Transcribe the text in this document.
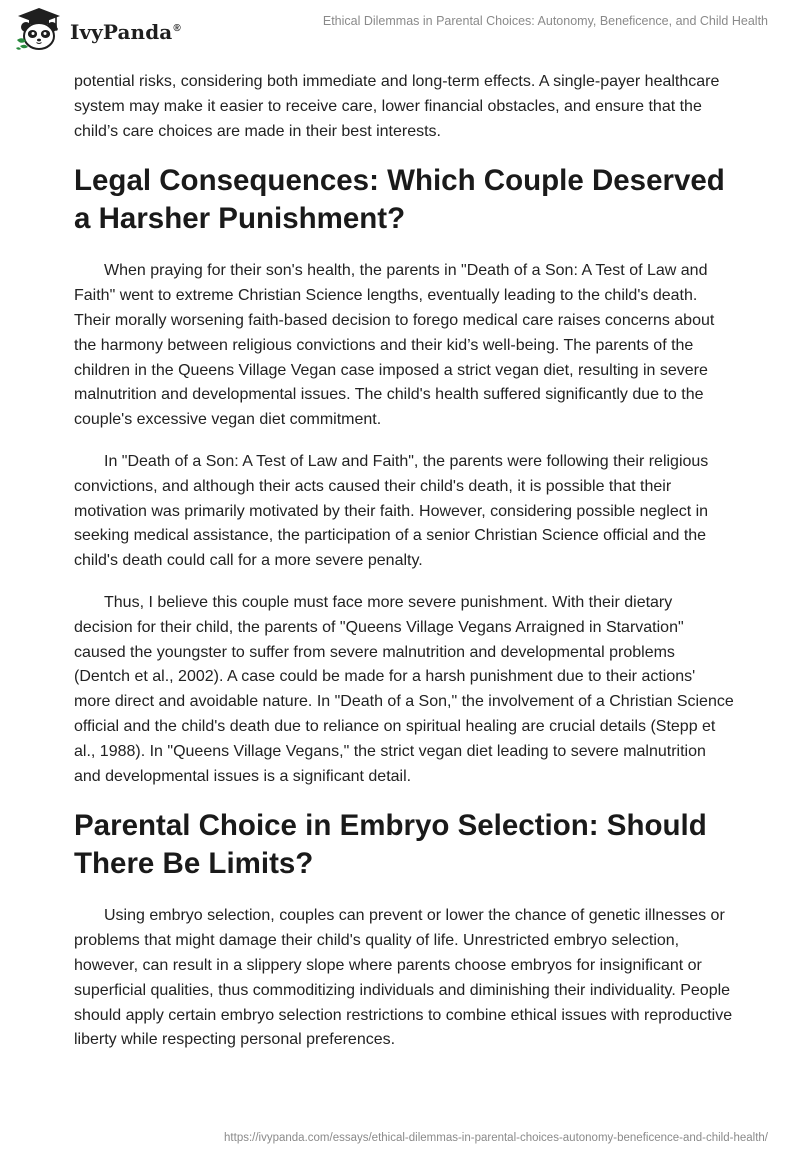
IvyPanda®
Ethical Dilemmas in Parental Choices: Autonomy, Beneficence, and Child Health

potential risks, considering both immediate and long-term effects. A single-payer healthcare system may make it easier to receive care, lower financial obstacles, and ensure that the child’s care choices are made in their best interests.

Legal Consequences: Which Couple Deserved a Harsher Punishment?

When praying for their son's health, the parents in "Death of a Son: A Test of Law and Faith" went to extreme Christian Science lengths, eventually leading to the child's death. Their morally worsening faith-based decision to forego medical care raises concerns about the harmony between religious convictions and their kid’s well-being. The parents of the children in the Queens Village Vegan case imposed a strict vegan diet, resulting in severe malnutrition and developmental issues. The child's health suffered significantly due to the couple's excessive vegan diet commitment.

In "Death of a Son: A Test of Law and Faith", the parents were following their religious convictions, and although their acts caused their child's death, it is possible that their motivation was primarily motivated by their faith. However, considering possible neglect in seeking medical assistance, the participation of a senior Christian Science official and the child's death could call for a more severe penalty.

Thus, I believe this couple must face more severe punishment. With their dietary decision for their child, the parents of "Queens Village Vegans Arraigned in Starvation" caused the youngster to suffer from severe malnutrition and developmental problems (Dentch et al., 2002). A case could be made for a harsh punishment due to their actions' more direct and avoidable nature. In "Death of a Son," the involvement of a Christian Science official and the child's death due to reliance on spiritual healing are crucial details (Stepp et al., 1988). In "Queens Village Vegans," the strict vegan diet leading to severe malnutrition and developmental issues is a significant detail.

Parental Choice in Embryo Selection: Should There Be Limits?

Using embryo selection, couples can prevent or lower the chance of genetic illnesses or problems that might damage their child's quality of life. Unrestricted embryo selection, however, can result in a slippery slope where parents choose embryos for insignificant or superficial qualities, thus commoditizing individuals and diminishing their individuality. People should apply certain embryo selection restrictions to combine ethical issues with reproductive liberty while respecting personal preferences.

https://ivypanda.com/essays/ethical-dilemmas-in-parental-choices-autonomy-beneficence-and-child-health/
